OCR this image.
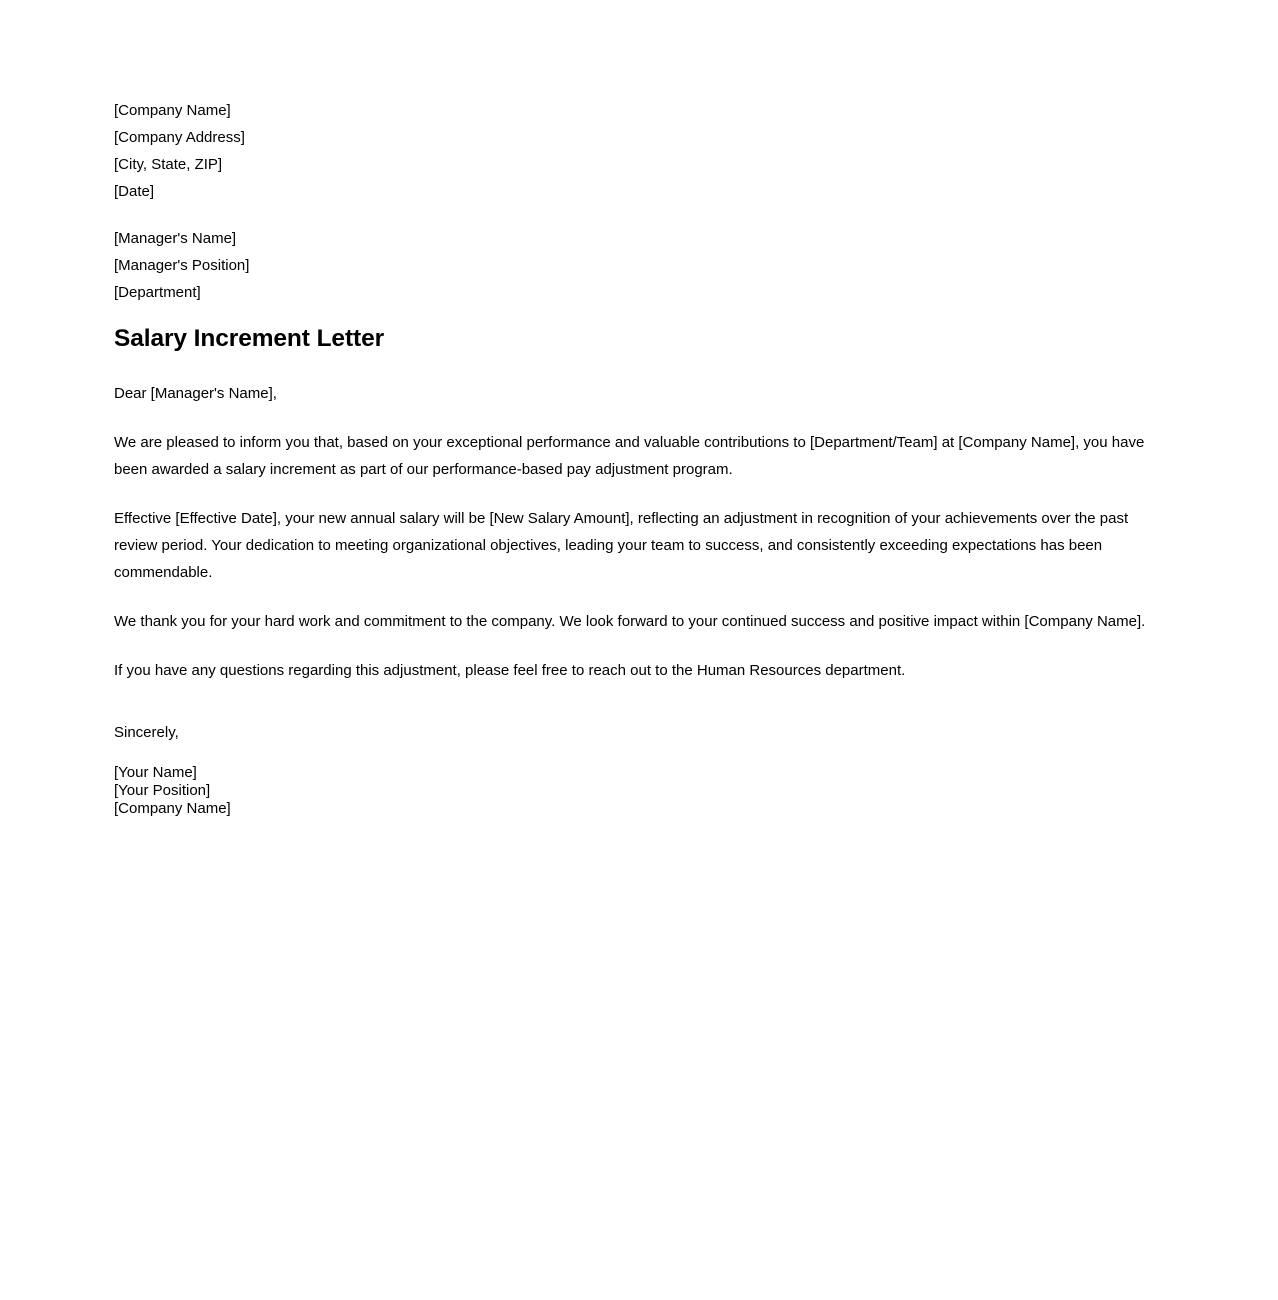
[Company Name]
[Company Address]
[City, State, ZIP]
[Date]
[Manager's Name]
[Manager's Position]
[Department]
Salary Increment Letter
Dear [Manager's Name],

We are pleased to inform you that, based on your exceptional performance and valuable contributions to [Department/Team] at [Company Name], you have been awarded a salary increment as part of our performance-based pay adjustment program.

Effective [Effective Date], your new annual salary will be [New Salary Amount], reflecting an adjustment in recognition of your achievements over the past review period. Your dedication to meeting organizational objectives, leading your team to success, and consistently exceeding expectations has been commendable.

We thank you for your hard work and commitment to the company. We look forward to your continued success and positive impact within [Company Name].

If you have any questions regarding this adjustment, please feel free to reach out to the Human Resources department.

Sincerely,
[Your Name]
[Your Position]
[Company Name]
